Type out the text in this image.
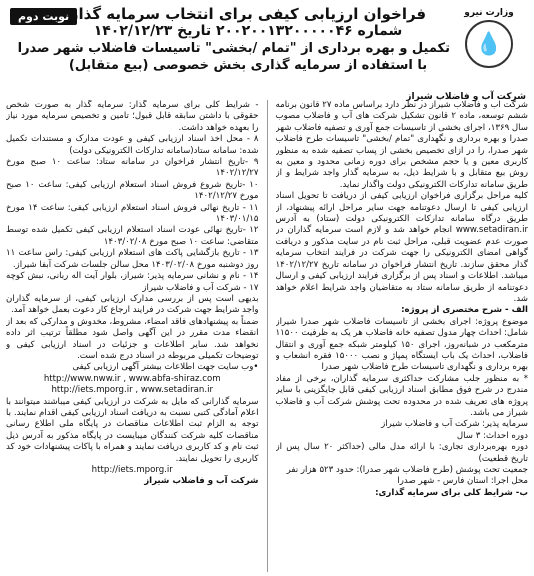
وزارت نیرو
💧
شرکت آب و فاضلاب شیراز
نوبت دوم فراخوان ارزیابی کیفی برای انتخاب سرمایه گذار
شماره ۲۰۰۲۰۰۱۳۲۰۰۰۰۰۴۶ تاریخ ۱۴۰۲/۱۲/۲۳
تکمیل و بهره برداری از "تمام /بخشی" تاسیسات فاضلاب شهر صدرا
با استفاده از سرمایه گذاری بخش خصوصی (بیع متقابل)

شرکت آب و فاضلاب شیراز در نظر دارد براساس ماده ۲۷ قانون برنامه ششم توسعه، ماده ۲ قانون تشکیل شرکت های آب و فاضلاب مصوب سال ۱۳۶۹، اجرای بخشی از تاسیسات جمع آوری و تصفیه فاضلاب شهر صدرا و بهره برداری و نگهداری "تمام /بخشی" تاسیسات طرح فاضلاب شهر صدرا، را در ازای تخصیص بخشی از پساب تصفیه شده به منظور کاربری معین و یا حجم مشخص برای دوره زمانی محدود و معین به روش بیع متقابل و با شرایط ذیل، به سرمایه گذار واجد شرایط و از طریق سامانه تدارکات الکترونیکی دولت واگذار نماید.

کلیه مراحل برگزاری فراخوان ارزیابی کیفی از دریافت تا تحویل اسناد ارزیابی کیفی تا ارسال دعوتنامه جهت سایر مراحل ارائه پیشنهاد، از طریق درگاه سامانه تدارکات الکترونیکی دولت (ستاد) به آدرس www.setadiran.ir انجام خواهد شد و لازم است سرمایه گذاران در صورت عدم عضویت قبلی، مراحل ثبت نام در سایت مذکور و دریافت گواهی امضای الکترونیکی را جهت شرکت در فرایند انتخاب سرمایه گذار محقق سازند. تاریخ انتشار فراخوان در سامانه تاریخ ۱۴۰۲/۱۲/۲۷ میباشد. اطلاعات و اسناد پس از برگزاری فرایند ارزیابی کیفی و ارسال دعوتنامه از طریق سامانه ستاد به متقاضیان واجد شرایط اعلام خواهد شد.

الف - شرح مختصری از پروژه:

موضوع پروژه: اجرای بخشی از تاسیسات فاضلاب شهر صدرا شیراز شامل: احداث چهار مدول تصفیه خانه فاضلاب هر یک به ظرفیت ۱۱۵۰۰ مترمکعب در شبانه‌روز، اجرای ۱۵۰ کیلومتر شبکه جمع آوری و انتقال فاضلاب، احداث یک باب ایستگاه پمپاژ و نصب ۱۵۰۰۰ فقره انشعاب و بهره برداری و نگهداری تاسیسات طرح فاضلاب شهر صدرا

* به منظور جلب مشارکت حداکثری سرمایه گذاران، برخی از مفاد مندرج در شرح فوق مطابق اسناد ارزیابی کیفی قابل جایگزینی با سایر پروژه های تعریف شده در محدوده تحت پوشش شرکت آب و فاضلاب شیراز می باشد.

سرمایه پذیر: شرکت آب و فاضلاب شیراز

دوره احداث: ۳ سال

دوره بهره‌برداری تجاری: با ارائه مدل مالی (حداکثر ۲۰ سال پس از تاریخ قطعیت)

جمعیت تحت پوشش (طرح فاضلاب شهر صدرا): حدود ۵۲۳ هزار نفر

محل اجرا: استان فارس - شهر صدرا

ب- شرایط کلی برای سرمایه گذاری:

- شرایط کلی برای سرمایه گذار: سرمایه گذار به صورت شخص حقوقی با داشتن سابقه قابل قبول؛ تامین و تخصیص سرمایه مورد نیاز را بعهده خواهد داشت.

۸ - محل اخذ اسناد ارزیابی کیفی و عودت مدارک و مستندات تکمیل شده: سامانه ستاد(سامانه تدارکات الکترونیکی دولت)

۹ -تاریخ انتشار فراخوان در سامانه ستاد: ساعت ۱۰ صبح مورخ ۱۴۰۲/۱۲/۲۷

۱۰ -تاریخ شروع فروش اسناد استعلام ارزیابی کیفی: ساعت ۱۰ صبح مورخ ۱۴۰۲/۱۲/۲۷

۱۱ - تاریخ نهائی فروش اسناد استعلام ارزیابی کیفی: ساعت ۱۴ مورخ ۱۴۰۳/۰۱/۱۵

۱۲ -تاریخ نهائی عودت اسناد استعلام ارزیابی کیفی تکمیل شده توسط متقاضی: ساعت ۱۰ صبح مورخ ۱۴۰۳/۰۲/۰۸

۱۳ - تاریخ بازگشایی پاکت های استعلام ارزیابی کیفی: راس ساعت ۱۱ روز دوشنبه مورخ ۱۴۰۳/۰۲/۰۸ محل سالن جلسات شرکت آبفا شیراز.

۱۴ - نام و نشانی سرمایه پذیر: شیراز، بلوار آیت اله ربانی، نبش کوچه ۱۷ - شرکت آب و فاضلاب شیراز

بدیهی است پس از بررسی مدارک ارزیابی کیفی، از سرمایه گذاران واجد شرایط جهت شرکت در فرایند ارجاع کار دعوت بعمل خواهد آمد.

ضمناً به پیشنهادهای فاقد امضاء، مشروط، مخدوش و مدارکی که بعد از انقضاء مدت مقرر در این آگهی واصل شود مطلقاً ترتیب اثر داده نخواهد شد. سایر اطلاعات و جزئیات در اسناد ارزیابی کیفی و توضیحات تکمیلی مربوطه در اسناد درج شده است.

•وب سایت جهت اطلاعات بیشتر آگهی ارزیابی کیفی

http://www.nww.ir , www.abfa-shiraz.com

http://iets.mporg.ir , www.setadiran.ir

سرمایه گذارانی که مایل به شرکت در ارزیابی کیفی میباشند میتوانند با اعلام آمادگی کتبی نسبت به دریافت اسناد ارزیابی کیفی اقدام نمایند. با توجه به الزام ثبت اطلاعات مناقصات در پایگاه ملی اطلاع رسانی مناقصات کلیه شرکت کنندگان میبایست در پایگاه مذکور به آدرس ذیل ثبت نام و کد کاربری دریافت نمایند و همراه با پاکات پیشنهادات خود کد کاربری را تحویل نمایند.

http://iets.mporg.ir

شرکت آب و فاضلاب شیراز
